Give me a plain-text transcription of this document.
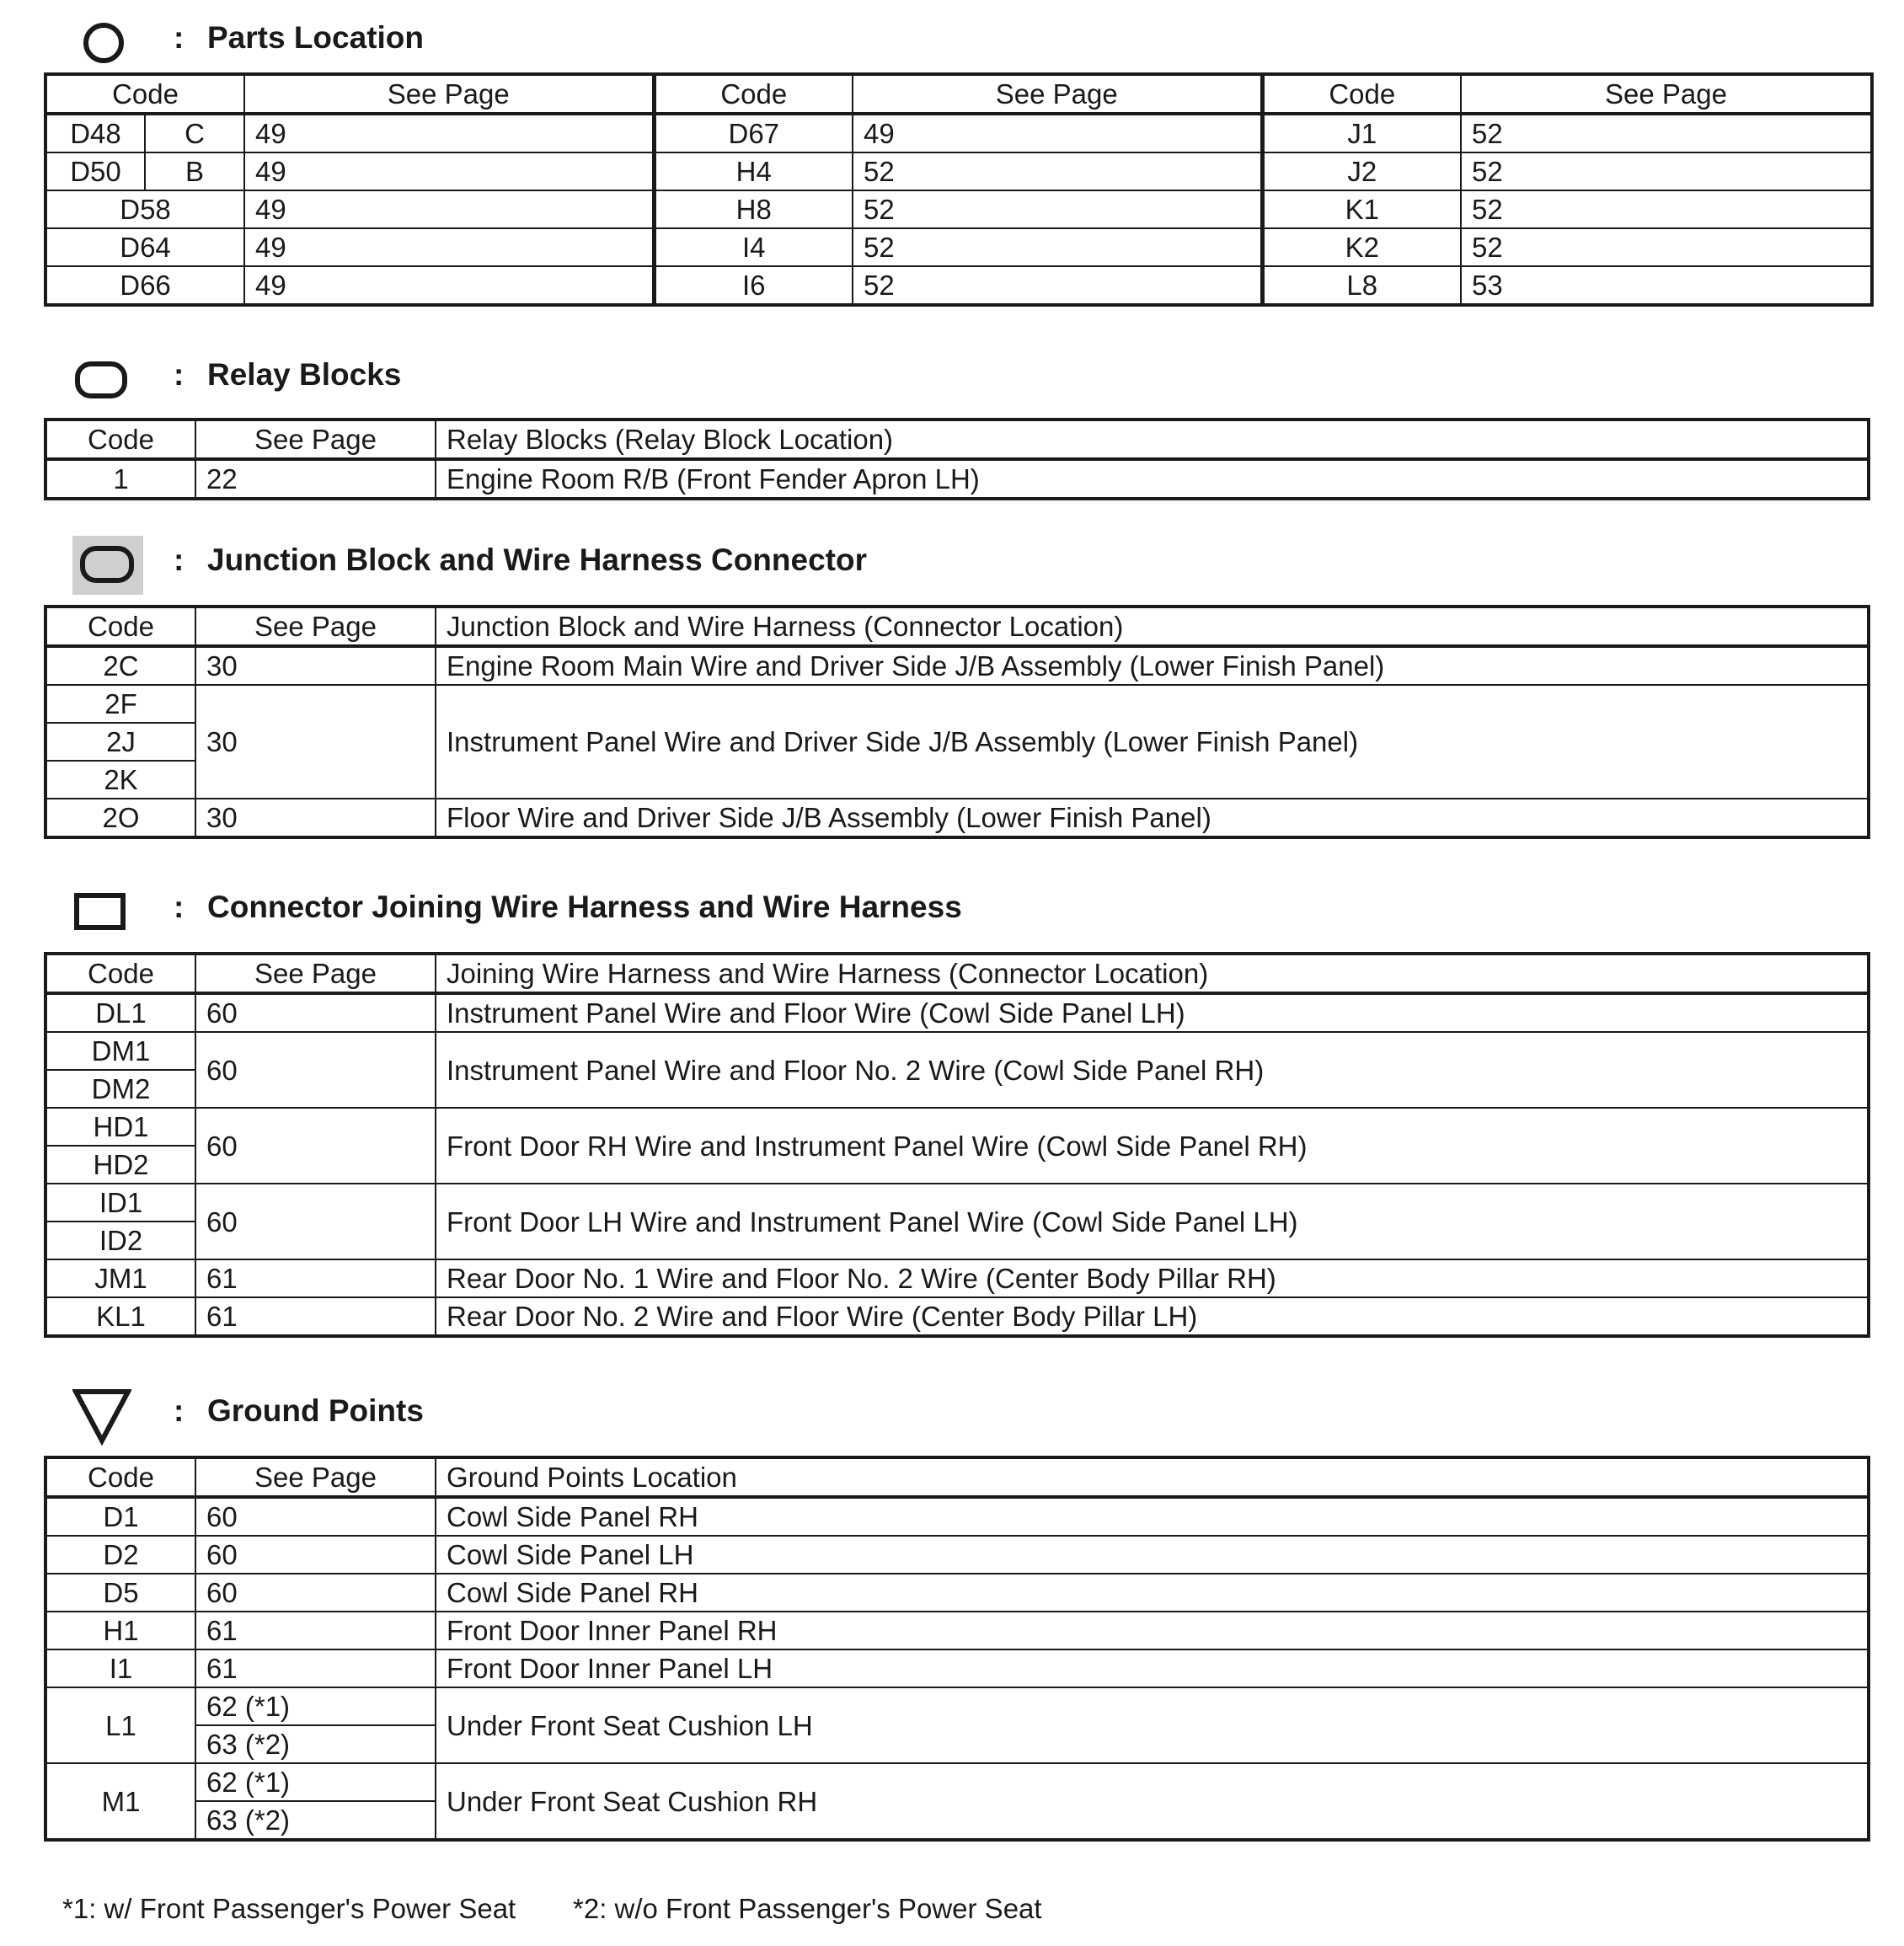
: Parts Location
Code		See Page	Code	See Page	Code	See Page
D48	C	49	D67	49	J1	52
D50	B	49	H4	52	J2	52
D58		49	H8	52	K1	52
D64		49	I4	52	K2	52
D66		49	I6	52	L8	53
: Relay Blocks
Code	See Page	Relay Blocks (Relay Block Location)
1	22	Engine Room R/B (Front Fender Apron LH)
: Junction Block and Wire Harness Connector
Code	See Page	Junction Block and Wire Harness (Connector Location)
2C	30	Engine Room Main Wire and Driver Side J/B Assembly (Lower Finish Panel)
2F	30	Instrument Panel Wire and Driver Side J/B Assembly (Lower Finish Panel)
2J		
2K		
2O	30	Floor Wire and Driver Side J/B Assembly (Lower Finish Panel)
: Connector Joining Wire Harness and Wire Harness
Code	See Page	Joining Wire Harness and Wire Harness (Connector Location)
DL1	60	Instrument Panel Wire and Floor Wire (Cowl Side Panel LH)
DM1	60	Instrument Panel Wire and Floor No. 2 Wire (Cowl Side Panel RH)
DM2		
HD1	60	Front Door RH Wire and Instrument Panel Wire (Cowl Side Panel RH)
HD2		
ID1	60	Front Door LH Wire and Instrument Panel Wire (Cowl Side Panel LH)
ID2		
JM1	61	Rear Door No. 1 Wire and Floor No. 2 Wire (Center Body Pillar RH)
KL1	61	Rear Door No. 2 Wire and Floor Wire (Center Body Pillar LH)
: Ground Points
Code	See Page	Ground Points Location
D1	60	Cowl Side Panel RH
D2	60	Cowl Side Panel LH
D5	60	Cowl Side Panel RH
H1	61	Front Door Inner Panel RH
I1	61	Front Door Inner Panel LH
L1	62 (*1)	Under Front Seat Cushion LH
	63 (*2)	
M1	62 (*1)	Under Front Seat Cushion RH
	63 (*2)	
*1: w/ Front Passenger's Power Seat *2: w/o Front Passenger's Power Seat
